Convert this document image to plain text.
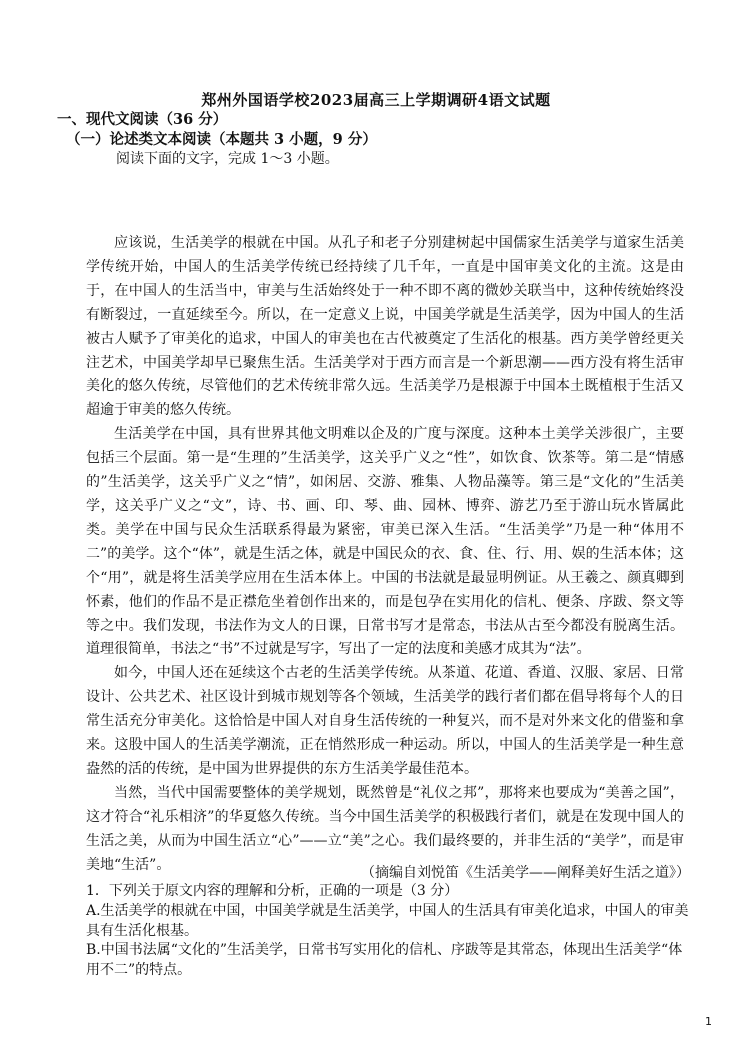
郑州外国语学校2023届高三上学期调研4语文试题
一、现代文阅读（36 分）
（一）论述类文本阅读（本题共 3 小题，9 分）
阅读下面的文字，完成 1～3 小题。

应该说，生活美学的根就在中国。从孔子和老子分别建树起中国儒家生活美学与道家生活美学传统开始，中国人的生活美学传统已经持续了几千年，一直是中国审美文化的主流。这是由于，在中国人的生活当中，审美与生活始终处于一种不即不离的微妙关联当中，这种传统始终没有断裂过，一直延续至今。所以，在一定意义上说，中国美学就是生活美学，因为中国人的生活被古人赋予了审美化的追求，中国人的审美也在古代被奠定了生活化的根基。西方美学曾经更关注艺术，中国美学却早已聚焦生活。生活美学对于西方而言是一个新思潮——西方没有将生活审美化的悠久传统，尽管他们的艺术传统非常久远。生活美学乃是根源于中国本土既植根于生活又超逾于审美的悠久传统。

生活美学在中国，具有世界其他文明难以企及的广度与深度。这种本土美学关涉很广，主要包括三个层面。第一是“生理的”生活美学，这关乎广义之“性”，如饮食、饮茶等。第二是“情感的”生活美学，这关乎广义之“情”，如闲居、交游、雅集、人物品藻等。第三是“文化的”生活美学，这关乎广义之“文”，诗、书、画、印、琴、曲、园林、博弈、游艺乃至于游山玩水皆属此类。美学在中国与民众生活联系得最为紧密，审美已深入生活。“生活美学”乃是一种“体用不二”的美学。这个“体”，就是生活之体，就是中国民众的衣、食、住、行、用、娱的生活本体；这个“用”，就是将生活美学应用在生活本体上。中国的书法就是最显明例证。从王羲之、颜真卿到怀素，他们的作品不是正襟危坐着创作出来的，而是包孕在实用化的信札、便条、序跋、祭文等等之中。我们发现，书法作为文人的日课，日常书写才是常态，书法从古至今都没有脱离生活。道理很简单，书法之“书”不过就是写字，写出了一定的法度和美感才成其为“法”。

如今，中国人还在延续这个古老的生活美学传统。从茶道、花道、香道、汉服、家居、日常设计、公共艺术、社区设计到城市规划等各个领域，生活美学的践行者们都在倡导将每个人的日常生活充分审美化。这恰恰是中国人对自身生活传统的一种复兴，而不是对外来文化的借鉴和拿来。这股中国人的生活美学潮流，正在悄然形成一种运动。所以，中国人的生活美学是一种生意盎然的活的传统，是中国为世界提供的东方生活美学最佳范本。

当然，当代中国需要整体的美学规划，既然曾是“礼仪之邦”，那将来也要成为“美善之国”，这才符合“礼乐相济”的华夏悠久传统。当今中国生活美学的积极践行者们，就是在发现中国人的生活之美，从而为中国生活立“心”——立“美”之心。我们最终要的，并非生活的“美学”，而是审美地“生活”。

（摘编自刘悦笛《生活美学——阐释美好生活之道》）
1．下列关于原文内容的理解和分析，正确的一项是（3 分）
A.生活美学的根就在中国，中国美学就是生活美学，中国人的生活具有审美化追求，中国人的审美具有生活化根基。
B.中国书法属“文化的”生活美学，日常书写实用化的信札、序跋等是其常态，体现出生活美学“体用不二”的特点。
1
